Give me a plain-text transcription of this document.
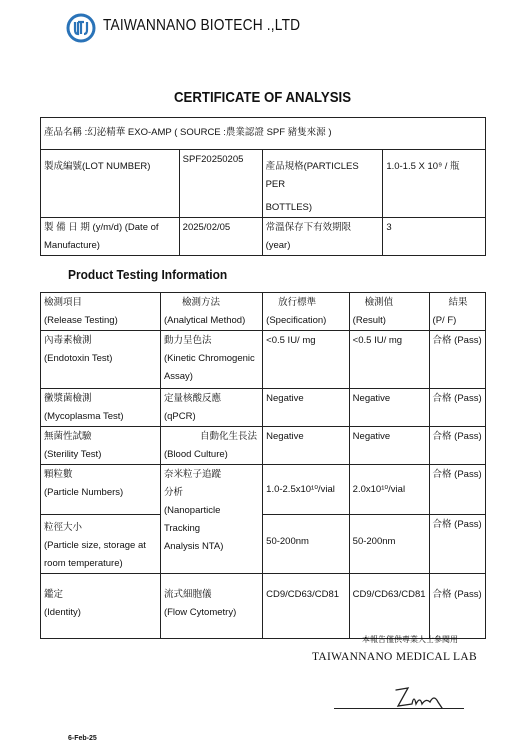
TAIWANNANO BIOTECH .,LTD
CERTIFICATE OF ANALYSIS
產品名稱 :幻泌精華 EXO-AMP ( SOURCE :農業認證 SPF 豬隻來源 )			

製成編號(LOT NUMBER)	SPF20250205	產品規格(PARTICLES PER
BOTTLES)	1.0-1.5 X 10⁹ / 瓶

製 備 日 期 (y/m/d) (Date of
Manufacture)	2025/02/05	常溫保存下有效期限
(year)	3
Product Testing Information
檢測項目
(Release Testing)	檢測方法
(Analytical Method)	放行標準
(Specification)	檢測值
(Result)	結果
(P/ F)

內毒素檢測
(Endotoxin Test)	動力呈色法
(Kinetic Chromogenic
Assay)	<0.5 IU/ mg	<0.5 IU/ mg	合格 (Pass)

黴漿菌檢測
(Mycoplasma Test)	定量核酸反應
(qPCR)	Negative	Negative	合格 (Pass)

無菌性試驗
(Sterility Test)	自動化生長法
(Blood Culture)	Negative	Negative	合格 (Pass)

顆粒數
(Particle Numbers)	奈米粒子追蹤
分析
(Nanoparticle
Tracking
Analysis NTA)	1.0-2.5x10¹⁰/vial	2.0x10¹⁰/vial	合格 (Pass)

粒徑大小
(Particle size, storage at
room temperature)		50-200nm	50-200nm	合格 (Pass)

鑑定
(Identity)	流式細胞儀
(Flow Cytometry)	CD9/CD63/CD81	CD9/CD63/CD81	合格 (Pass)
本報告僅供專業人士參閱用
TAIWANNANO MEDICAL LAB
6-Feb-25
